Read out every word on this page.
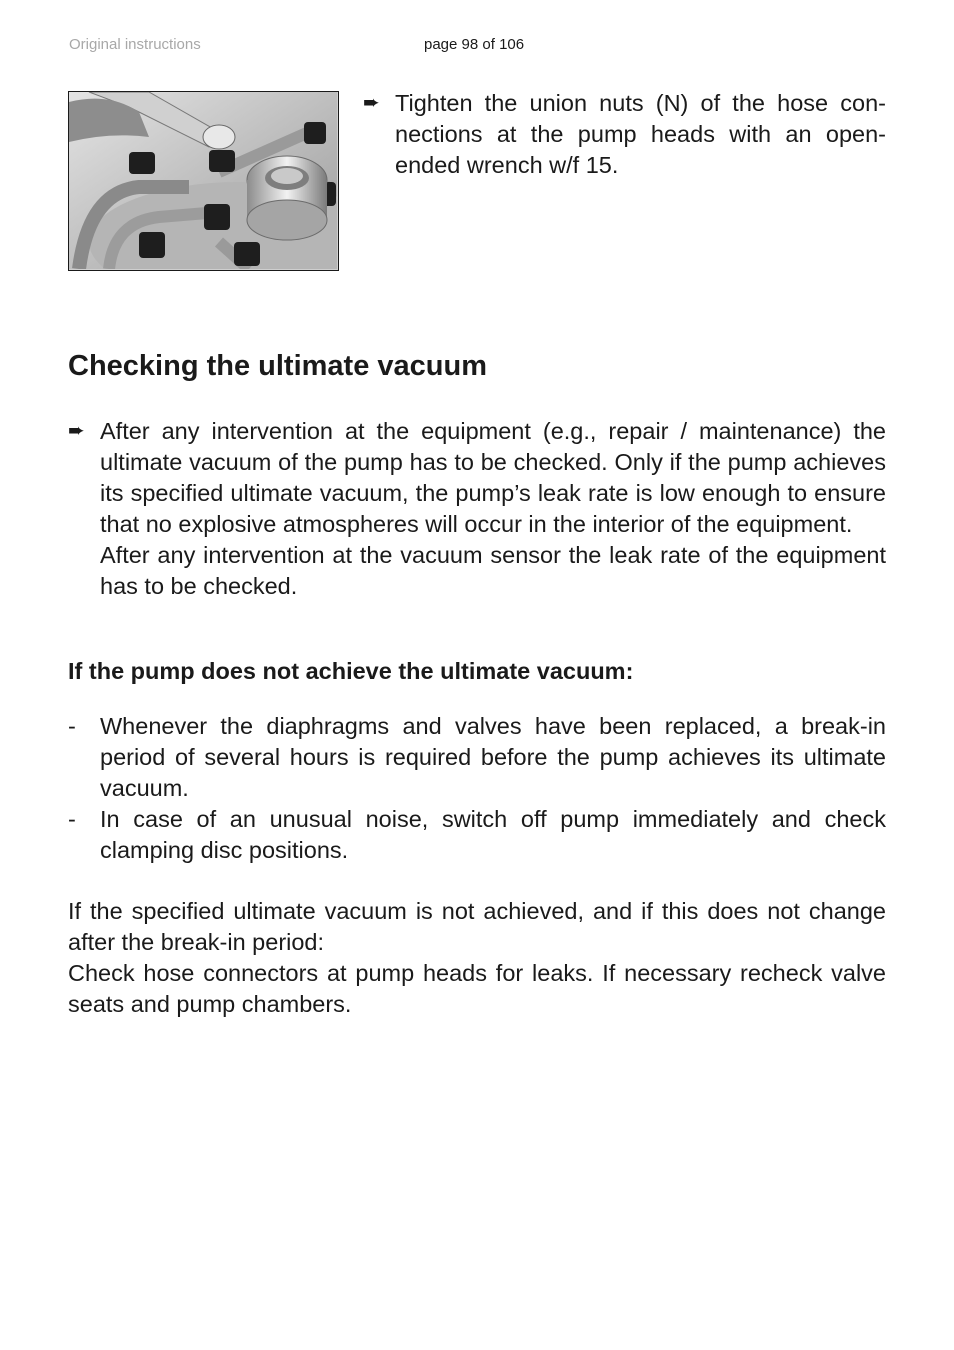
Original instructions	page 98 of 106
➨ Tighten the union nuts (N) of the hose connections at the pump heads with an openended wrench w/f 15.
Checking the ultimate vacuum
➨ After any intervention at the equipment (e.g., repair / maintenance) the ultimate vacuum of the pump has to be checked. Only if the pump achieves its specified ultimate vacuum, the pump’s leak rate is low enough to ensure that no explosive atmospheres will occur in the interior of the equipment.
After any intervention at the vacuum sensor the leak rate of the equipment has to be checked.
If the pump does not achieve the ultimate vacuum:
-	Whenever the diaphragms and valves have been replaced, a break-in period of several hours is required before the pump achieves its ultimate vacuum.
-	In case of an unusual noise, switch off pump immediately and check clamping disc positions.

If the specified ultimate vacuum is not achieved, and if this does not change after the break-in period:

Check hose connectors at pump heads for leaks. If necessary recheck valve seats and pump chambers.
